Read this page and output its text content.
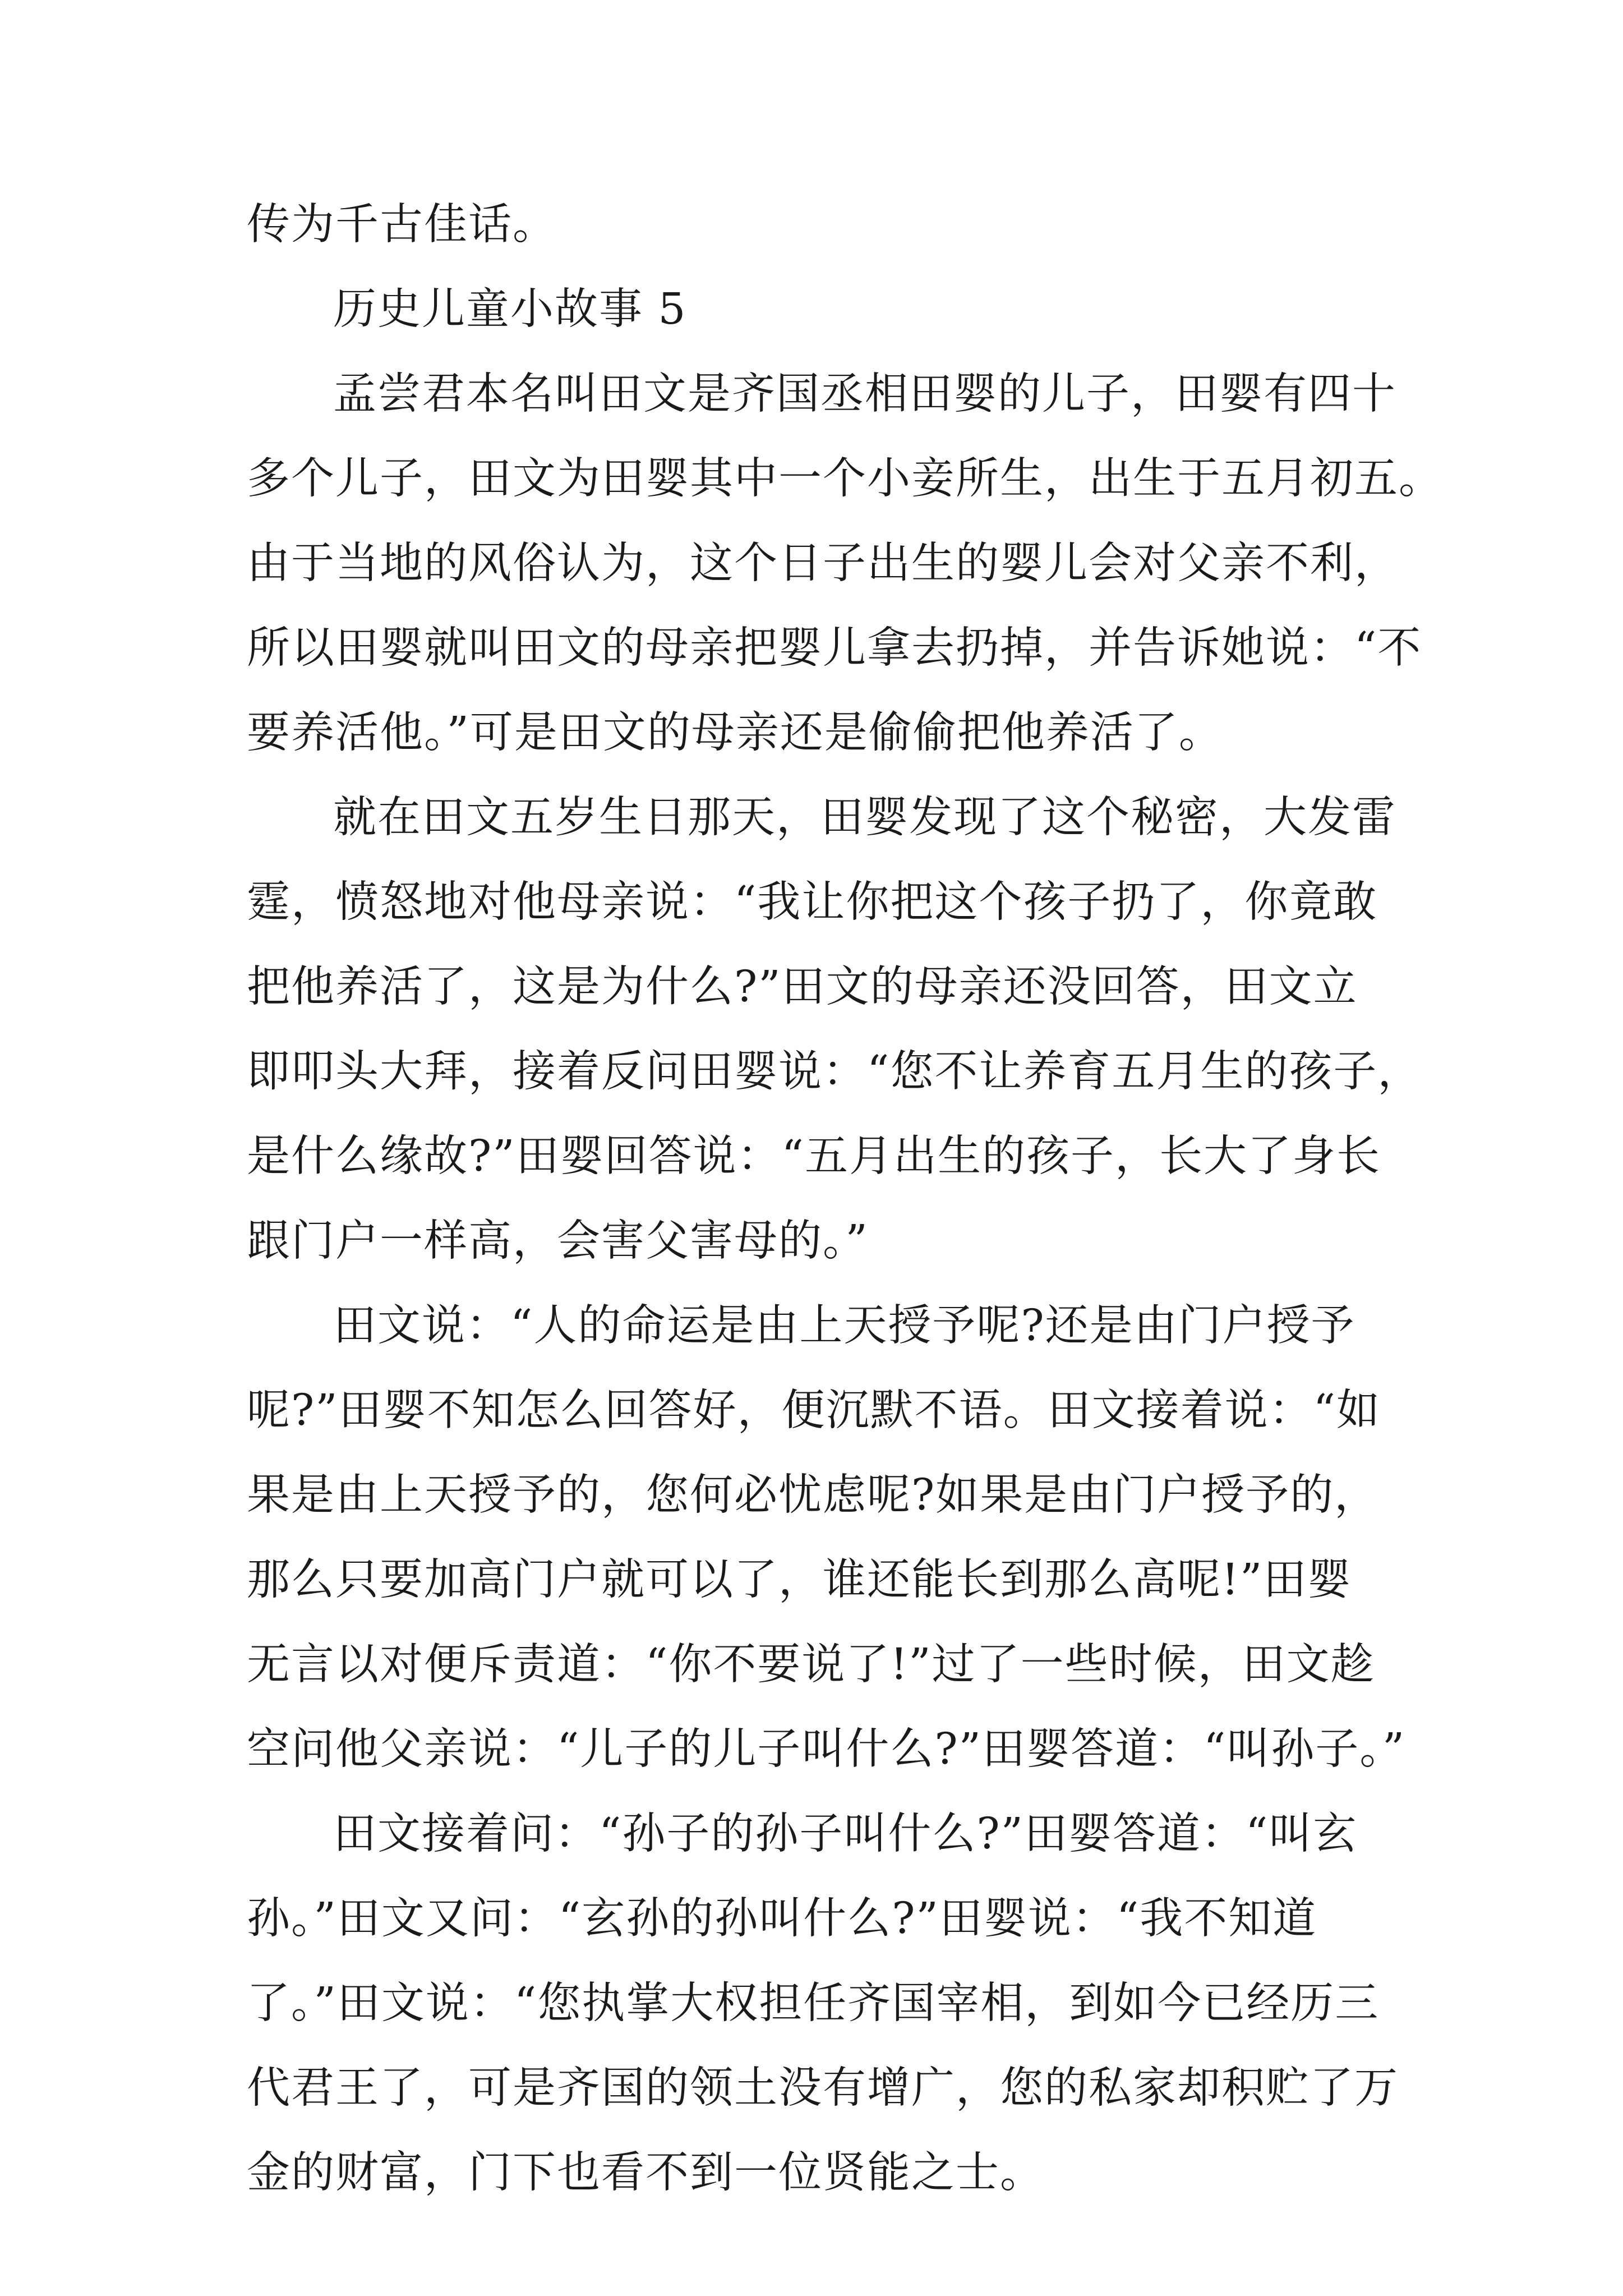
传为千古佳话。
历史儿童小故事 5
孟尝君本名叫田文是齐国丞相田婴的儿子，田婴有四十
多个儿子，田文为田婴其中一个小妾所生，出生于五月初五。
由于当地的风俗认为，这个日子出生的婴儿会对父亲不利，
所以田婴就叫田文的母亲把婴儿拿去扔掉，并告诉她说：“不
要养活他。”可是田文的母亲还是偷偷把他养活了。
就在田文五岁生日那天，田婴发现了这个秘密，大发雷
霆，愤怒地对他母亲说：“我让你把这个孩子扔了，你竟敢
把他养活了，这是为什么?”田文的母亲还没回答，田文立
即叩头大拜，接着反问田婴说：“您不让养育五月生的孩子，
是什么缘故?”田婴回答说：“五月出生的孩子，长大了身长
跟门户一样高，会害父害母的。”
田文说：“人的命运是由上天授予呢?还是由门户授予
呢?”田婴不知怎么回答好，便沉默不语。田文接着说：“如
果是由上天授予的，您何必忧虑呢?如果是由门户授予的，
那么只要加高门户就可以了，谁还能长到那么高呢!”田婴
无言以对便斥责道：“你不要说了!”过了一些时候，田文趁
空问他父亲说：“儿子的儿子叫什么?”田婴答道：“叫孙子。”
田文接着问：“孙子的孙子叫什么?”田婴答道：“叫玄
孙。”田文又问：“玄孙的孙叫什么?”田婴说：“我不知道
了。”田文说：“您执掌大权担任齐国宰相，到如今已经历三
代君王了，可是齐国的领土没有增广，您的私家却积贮了万
金的财富，门下也看不到一位贤能之士。
